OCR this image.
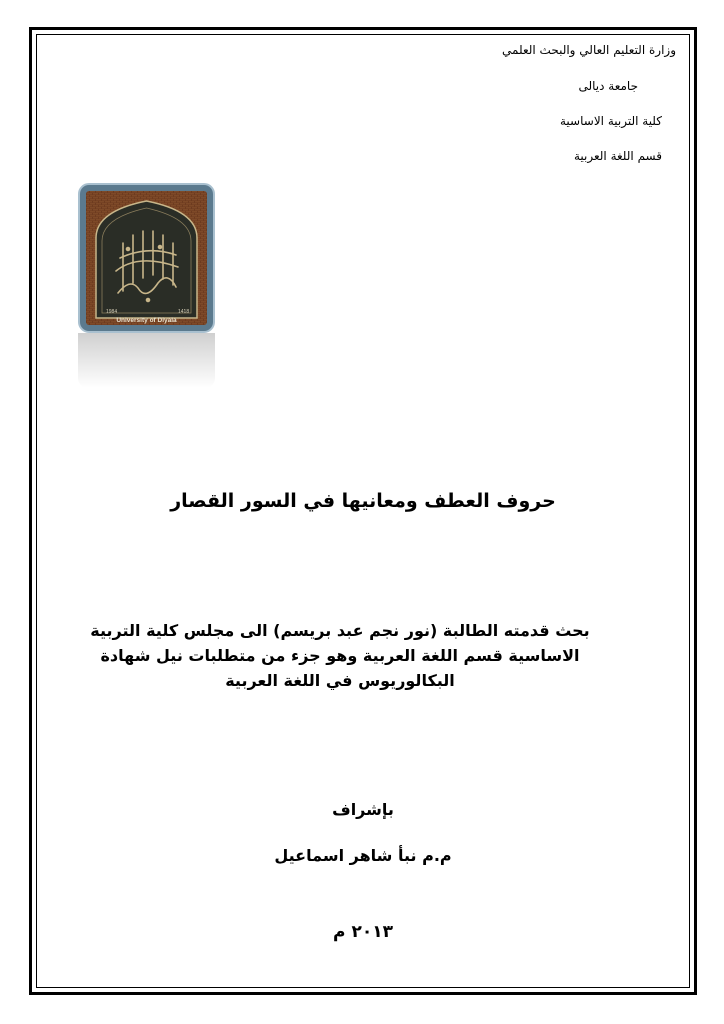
وزارة التعليم العالي والبحث العلمي
جامعة ديالى
كلية التربية الاساسية
قسم اللغة العربية
1984	1418
University of Diyala
حروف العطف ومعانيها في السور القصار
بحث قدمته الطالبة (نور نجم عبد بريسم) الى مجلس كلية التربية الاساسية قسم اللغة العربية وهو جزء من متطلبات نيل شهادة البكالوريوس في اللغة العربية
بإشراف
م.م نبأ شاهر اسماعيل
٢٠١٣ م
